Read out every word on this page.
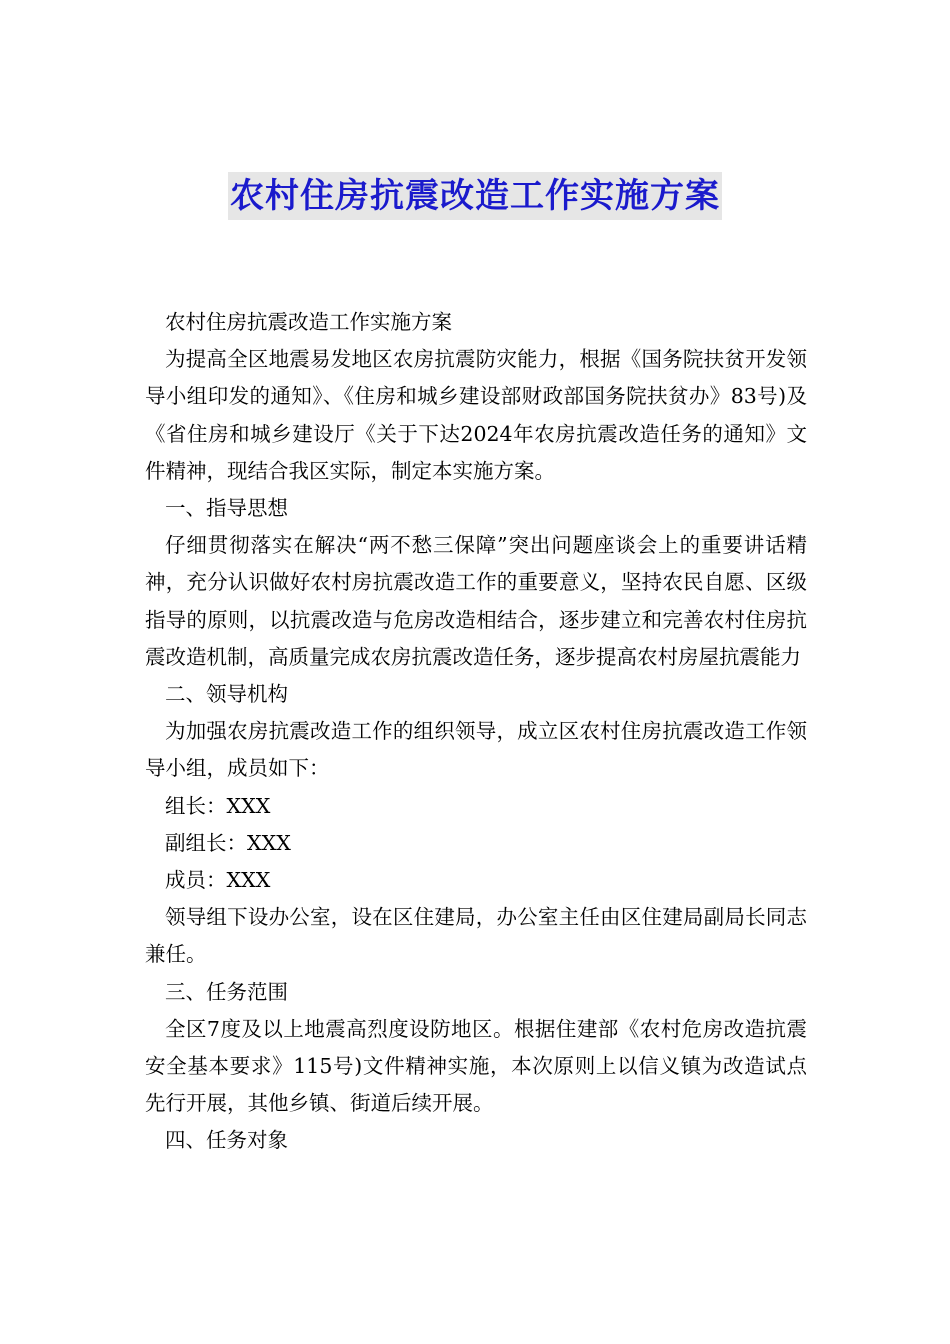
农村住房抗震改造工作实施方案

农村住房抗震改造工作实施方案

为提高全区地震易发地区农房抗震防灾能力，根据《国务院扶贫开发领导小组印发的通知》、《住房和城乡建设部财政部国务院扶贫办》83号)及《省住房和城乡建设厅《关于下达2024年农房抗震改造任务的通知》文件精神，现结合我区实际，制定本实施方案。

一、指导思想

仔细贯彻落实在解决“两不愁三保障”突出问题座谈会上的重要讲话精神，充分认识做好农村房抗震改造工作的重要意义，坚持农民自愿、区级指导的原则，以抗震改造与危房改造相结合，逐步建立和完善农村住房抗震改造机制，高质量完成农房抗震改造任务，逐步提高农村房屋抗震能力

二、领导机构

为加强农房抗震改造工作的组织领导，成立区农村住房抗震改造工作领导小组，成员如下：

组长：XXX

副组长：XXX

成员：XXX

领导组下设办公室，设在区住建局，办公室主任由区住建局副局长同志兼任。

三、任务范围

全区7度及以上地震高烈度设防地区。根据住建部《农村危房改造抗震安全基本要求》115号)文件精神实施，本次原则上以信义镇为改造试点先行开展，其他乡镇、街道后续开展。

四、任务对象
